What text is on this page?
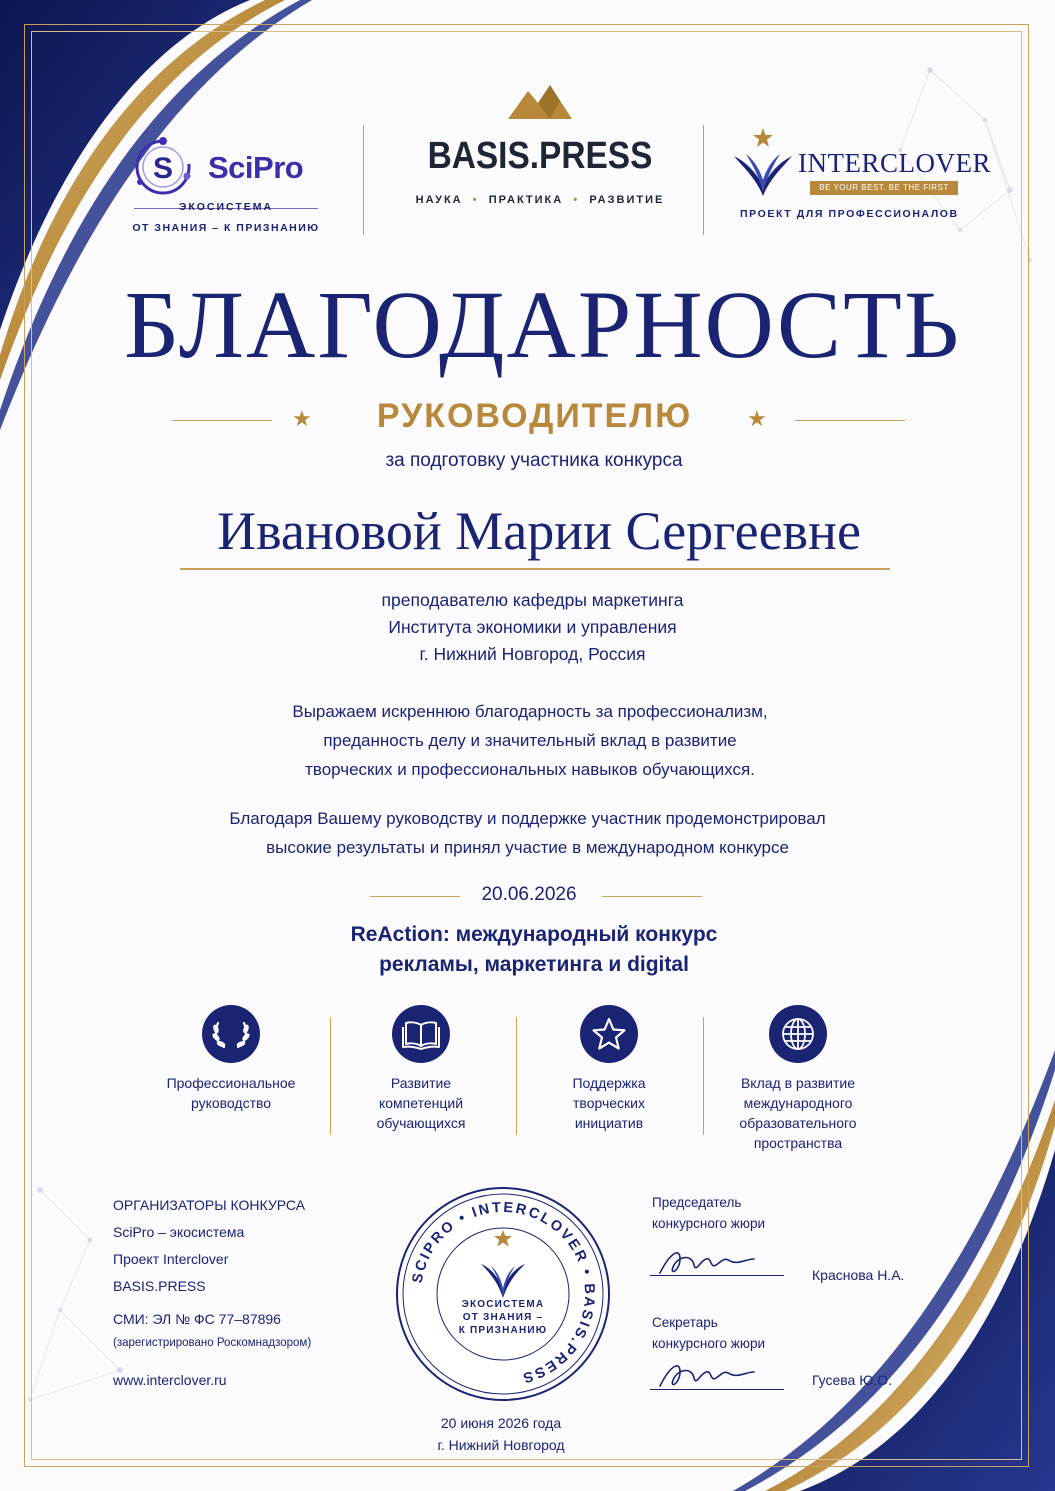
S SciPro
ЭКОСИСТЕМА
ОТ ЗНАНИЯ – К ПРИЗНАНИЮ
BASIS.PRESS
НАУКА  •  ПРАКТИКА  •  РАЗВИТИЕ
INTERCLOVER
BE YOUR BEST. BE THE FIRST
ПРОЕКТ ДЛЯ ПРОФЕССИОНАЛОВ
БЛАГОДАРНОСТЬ
★	РУКОВОДИТЕЛЮ	★
за подготовку участника конкурса
Ивановой Марии Сергеевне
преподавателю кафедры маркетинга
Института экономики и управления
г. Нижний Новгород, Россия
Выражаем искреннюю благодарность за профессионализм,
преданность делу и значительный вклад в развитие
творческих и профессиональных навыков обучающихся.
Благодаря Вашему руководству и поддержке участник продемонстрировал
высокие результаты и принял участие в международном конкурсе
20.06.2026
ReAction: международный конкурс
рекламы, маркетинга и digital
Профессиональное
руководство
Развитие
компетенций
обучающихся
Поддержка
творческих
инициатив
Вклад в развитие
международного
образовательного
пространства
ОРГАНИЗАТОРЫ КОНКУРСА
SciPro – экосистема
Проект Interclover
BASIS.PRESS
СМИ: ЭЛ № ФС 77–87896
(зарегистрировано Роскомнадзором)
www.interclover.ru
SCIPRO • INTERCLOVER • BASIS.PRESS
ЭКОСИСТЕМА
ОТ ЗНАНИЯ –
К ПРИЗНАНИЮ
20 июня 2026 года
г. Нижний Новгород
Председатель
конкурсного жюри
Краснова Н.А.
Секретарь
конкурсного жюри
Гусева Ю.О.
